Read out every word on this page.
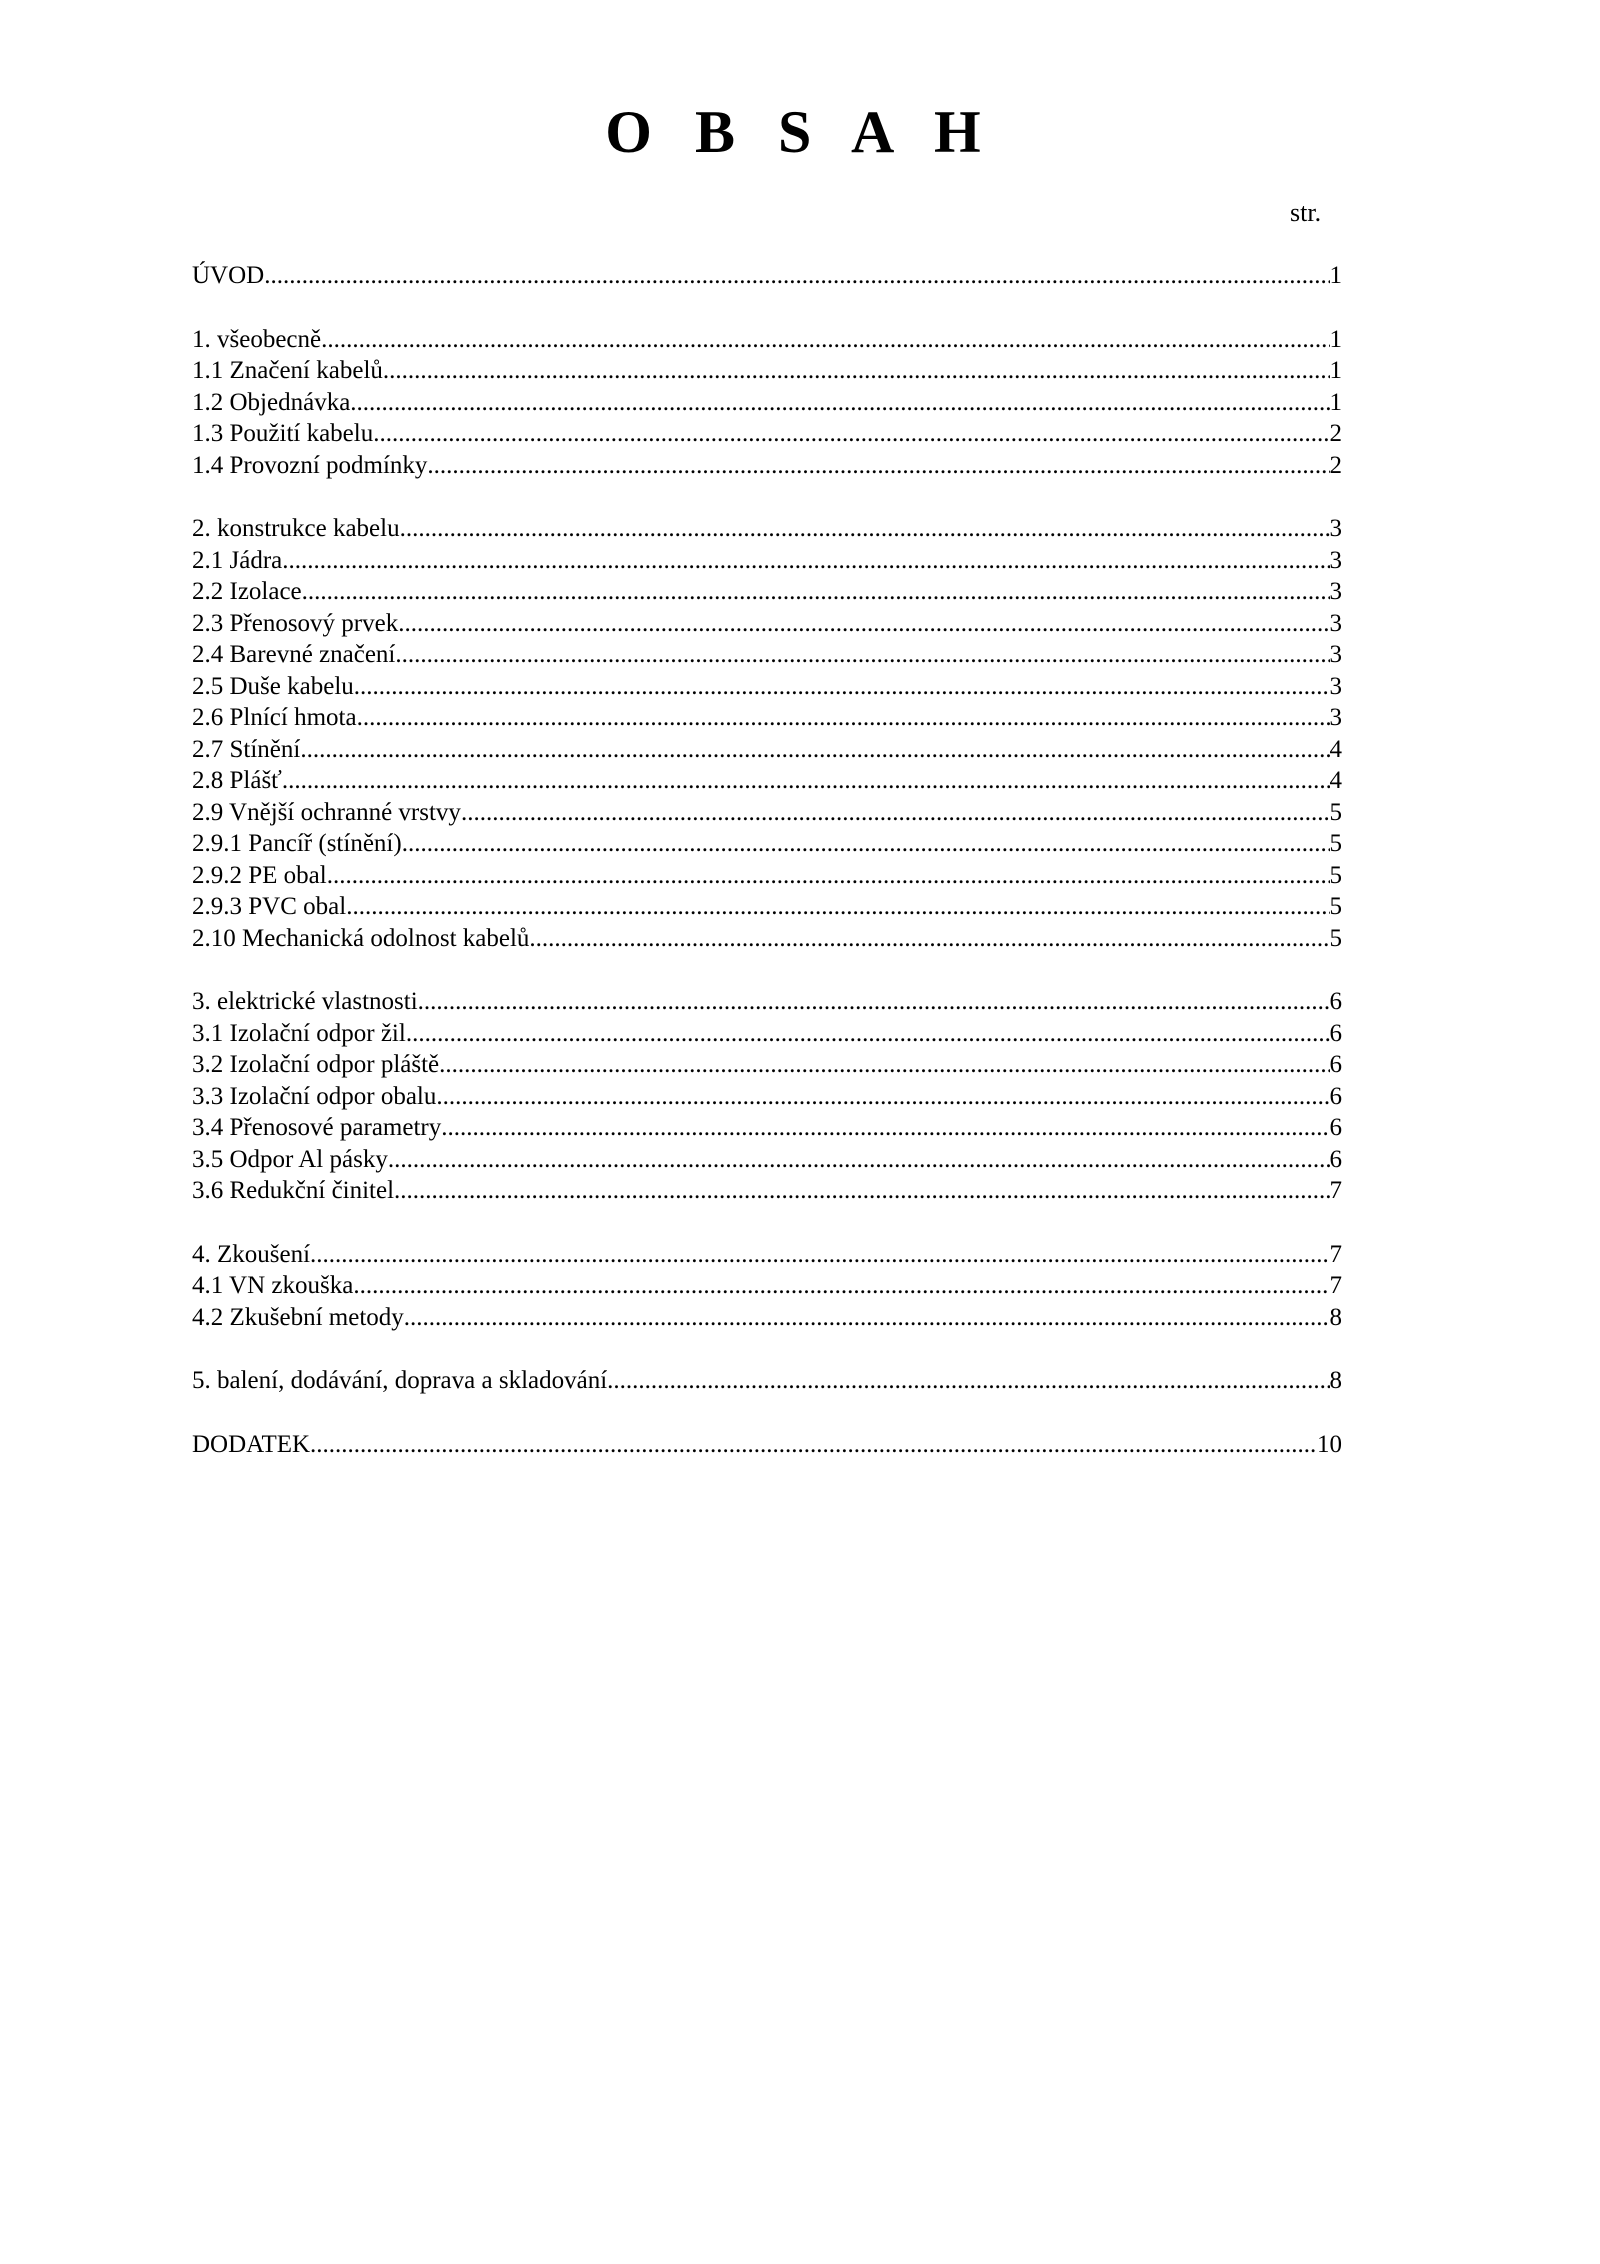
O B S A H
str.
ÚVOD .....	1
1. všeobecně .....	1
1.1 Značení kabelů .....	1
1.2 Objednávka .....	1
1.3 Použití kabelu .....	2
1.4 Provozní podmínky .....	2
2. konstrukce kabelu .....	3
2.1 Jádra .....	3
2.2 Izolace .....	3
2.3 Přenosový prvek .....	3
2.4 Barevné značení .....	3
2.5 Duše kabelu .....	3
2.6 Plnící hmota .....	3
2.7 Stínění .....	4
2.8 Plášť .....	4
2.9 Vnější ochranné vrstvy .....	5
2.9.1 Pancíř (stínění) .....	5
2.9.2 PE obal .....	5
2.9.3 PVC obal .....	5
2.10 Mechanická odolnost kabelů .....	5
3. elektrické vlastnosti .....	6
3.1 Izolační odpor žil .....	6
3.2 Izolační odpor pláště .....	6
3.3 Izolační odpor obalu .....	6
3.4 Přenosové parametry .....	6
3.5 Odpor Al pásky .....	6
3.6 Redukční činitel .....	7
4. Zkoušení .....	7
4.1 VN zkouška .....	7
4.2 Zkušební metody .....	8
5. balení, dodávání, doprava a skladování .....	8
DODATEK .....	10
